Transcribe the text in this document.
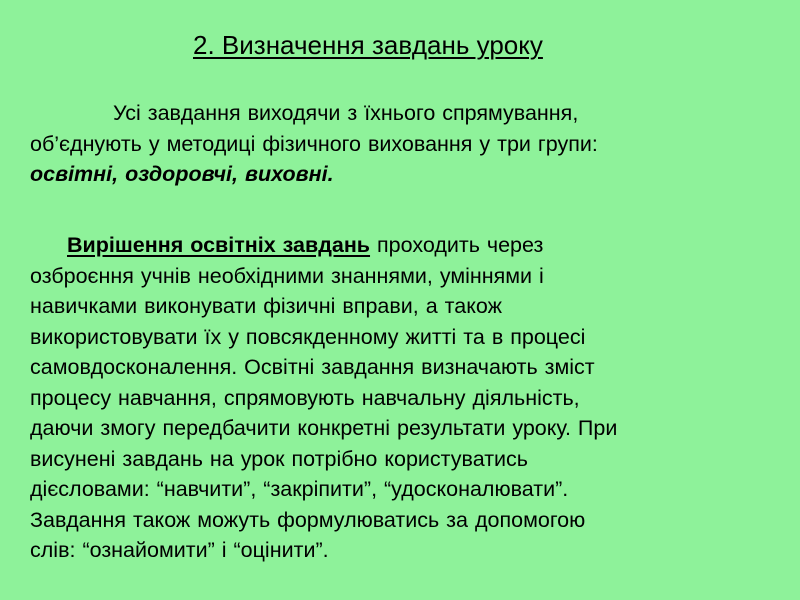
2. Визначення завдань уроку
Усі завдання виходячи з їхнього спрямування,
об’єднують у методиці фізичного виховання у три групи:
освітні, оздоровчі, виховні.
Вирішення освітніх завдань проходить через
озброєння учнів необхідними знаннями, уміннями і
навичками виконувати фізичні вправи, а також
використовувати їх у повсякденному житті та в процесі
самовдосконалення. Освітні завдання визначають зміст
процесу навчання, спрямовують навчальну діяльність,
даючи змогу передбачити конкретні результати уроку. При
висунені завдань на урок потрібно користуватись
дієсловами: “навчити”, “закріпити”, “удосконалювати”.
Завдання також можуть формулюватись за допомогою
слів: “ознайомити” і “оцінити”.
